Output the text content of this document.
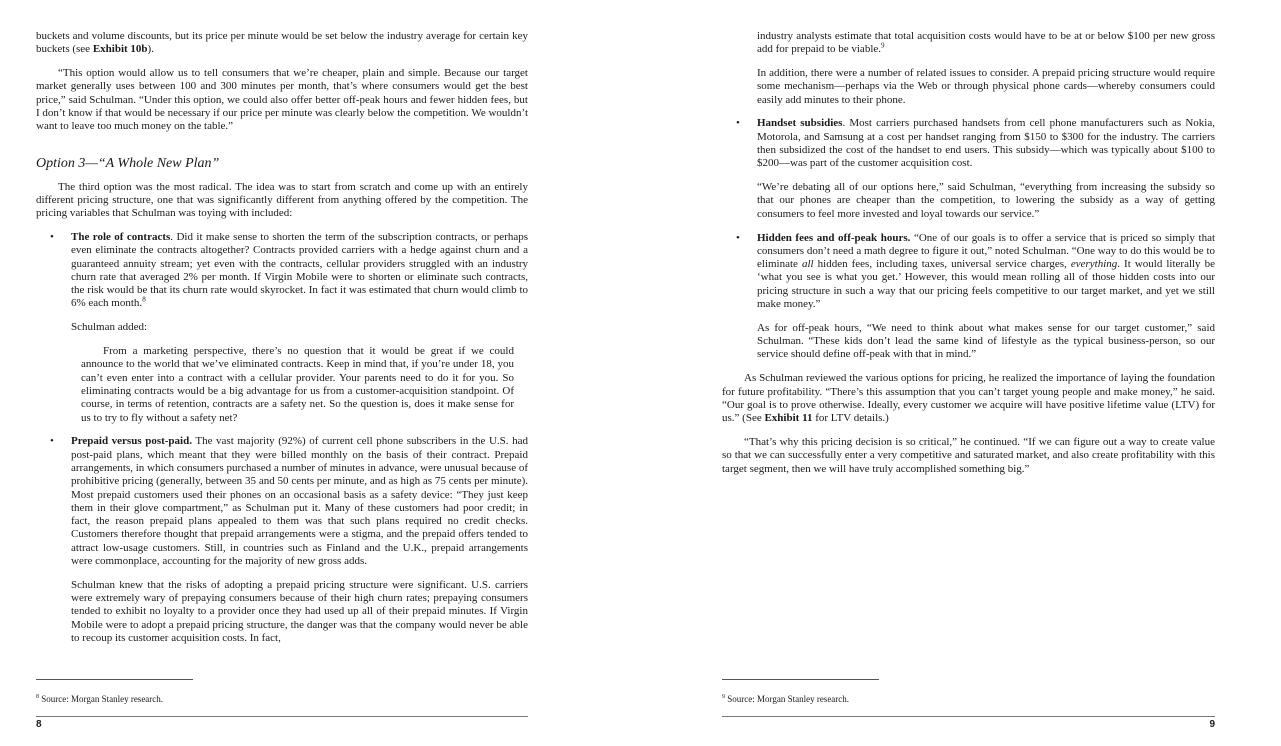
buckets and volume discounts, but its price per minute would be set below the industry average for certain key buckets (see Exhibit 10b).

“This option would allow us to tell consumers that we’re cheaper, plain and simple. Because our target market generally uses between 100 and 300 minutes per month, that’s where consumers would get the best price,” said Schulman. “Under this option, we could also offer better off-peak hours and fewer hidden fees, but I don’t know if that would be necessary if our price per minute was clearly below the competition. We wouldn’t want to leave too much money on the table.”

Option 3—“A Whole New Plan”

The third option was the most radical. The idea was to start from scratch and come up with an entirely different pricing structure, one that was significantly different from anything offered by the competition. The pricing variables that Schulman was toying with included:

• The role of contracts. Did it make sense to shorten the term of the subscription contracts, or perhaps even eliminate the contracts altogether? Contracts provided carriers with a hedge against churn and a guaranteed annuity stream; yet even with the contracts, cellular providers struggled with an industry churn rate that averaged 2% per month. If Virgin Mobile were to shorten or eliminate such contracts, the risk would be that its churn rate would skyrocket. In fact it was estimated that churn would climb to 6% each month.$^8$

Schulman added:

From a marketing perspective, there’s no question that it would be great if we could announce to the world that we’ve eliminated contracts. Keep in mind that, if you’re under 18, you can’t even enter into a contract with a cellular provider. Your parents need to do it for you. So eliminating contracts would be a big advantage for us from a customer-acquisition standpoint. Of course, in terms of retention, contracts are a safety net. So the question is, does it make sense for us to try to fly without a safety net?

• Prepaid versus post-paid. The vast majority (92%) of current cell phone subscribers in the U.S. had post-paid plans, which meant that they were billed monthly on the basis of their contract. Prepaid arrangements, in which consumers purchased a number of minutes in advance, were unusual because of prohibitive pricing (generally, between 35 and 50 cents per minute, and as high as 75 cents per minute). Most prepaid customers used their phones on an occasional basis as a safety device: “They just keep them in their glove compartment,” as Schulman put it. Many of these customers had poor credit; in fact, the reason prepaid plans appealed to them was that such plans required no credit checks. Customers therefore thought that prepaid arrangements were a stigma, and the prepaid offers tended to attract low-usage customers. Still, in countries such as Finland and the U.K., prepaid arrangements were commonplace, accounting for the majority of new gross adds.

Schulman knew that the risks of adopting a prepaid pricing structure were significant. U.S. carriers were extremely wary of prepaying consumers because of their high churn rates; prepaying consumers tended to exhibit no loyalty to a provider once they had used up all of their prepaid minutes. If Virgin Mobile were to adopt a prepaid pricing structure, the danger was that the company would never be able to recoup its customer acquisition costs. In fact,

$^8$ Source: Morgan Stanley research.
8

industry analysts estimate that total acquisition costs would have to be at or below $100 per new gross add for prepaid to be viable.$^9$

In addition, there were a number of related issues to consider. A prepaid pricing structure would require some mechanism—perhaps via the Web or through physical phone cards—whereby consumers could easily add minutes to their phone.

• Handset subsidies. Most carriers purchased handsets from cell phone manufacturers such as Nokia, Motorola, and Samsung at a cost per handset ranging from $150 to $300 for the industry. The carriers then subsidized the cost of the handset to end users. This subsidy—which was typically about $100 to $200—was part of the customer acquisition cost.

“We’re debating all of our options here,” said Schulman, “everything from increasing the subsidy so that our phones are cheaper than the competition, to lowering the subsidy as a way of getting consumers to feel more invested and loyal towards our service.”

• Hidden fees and off-peak hours. “One of our goals is to offer a service that is priced so simply that consumers don’t need a math degree to figure it out,” noted Schulman. “One way to do this would be to eliminate all hidden fees, including taxes, universal service charges, everything. It would literally be ‘what you see is what you get.’ However, this would mean rolling all of those hidden costs into our pricing structure in such a way that our pricing feels competitive to our target market, and yet we still make money.”

As for off-peak hours, “We need to think about what makes sense for our target customer,” said Schulman. “These kids don’t lead the same kind of lifestyle as the typical business-person, so our service should define off-peak with that in mind.”

As Schulman reviewed the various options for pricing, he realized the importance of laying the foundation for future profitability. “There’s this assumption that you can’t target young people and make money,” he said. “Our goal is to prove otherwise. Ideally, every customer we acquire will have positive lifetime value (LTV) for us.” (See Exhibit 11 for LTV details.)

“That’s why this pricing decision is so critical,” he continued. “If we can figure out a way to create value so that we can successfully enter a very competitive and saturated market, and also create profitability with this target segment, then we will have truly accomplished something big.”

$^9$ Source: Morgan Stanley research.
9
